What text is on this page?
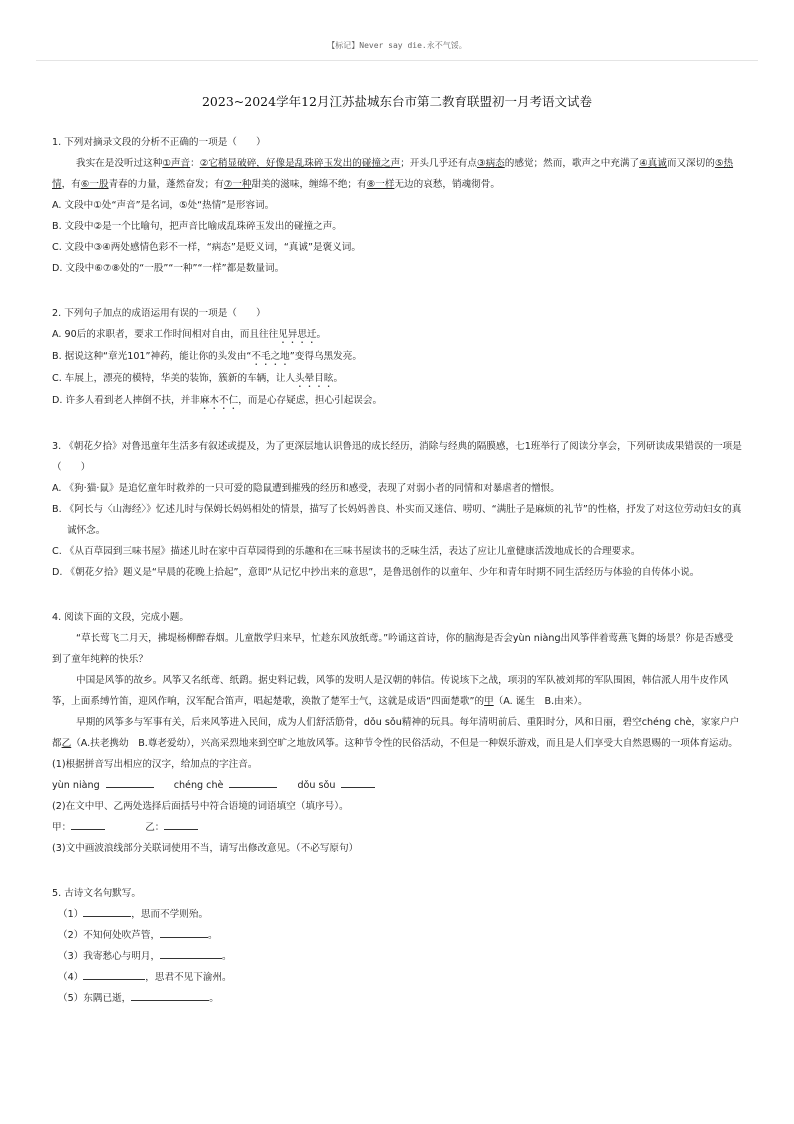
【标记】Never say die.永不气馁。
2023~2024学年12月江苏盐城东台市第二教育联盟初一月考语文试卷

1. 下列对摘录文段的分析不正确的一项是（　　）

我实在是没听过这种①声音：②它稍显破碎，好像是乱珠碎玉发出的碰撞之声；开头几乎还有点③病态的感觉；然而，歌声之中充满了④真诚而又深切的⑤热情，有⑥一股青春的力量，蓬然奋发；有⑦一种甜美的滋味，缠绵不绝；有⑧一样无边的哀愁，销魂彻骨。

A. 文段中①处“声音”是名词，⑤处“热情”是形容词。

B. 文段中②是一个比喻句，把声音比喻成乱珠碎玉发出的碰撞之声。

C. 文段中③④两处感情色彩不一样，“病态”是贬义词，“真诚”是褒义词。

D. 文段中⑥⑦⑧处的“一股”“一种”“一样”都是数量词。

2. 下列句子加点的成语运用有误的一项是（　　）

A. 90后的求职者，要求工作时间相对自由，而且往往见异思迁。

B. 据说这种“章光101”神药，能让你的头发由“不毛之地”变得乌黑发亮。

C. 车展上，漂亮的模特，华美的装饰，簇新的车辆，让人头晕目眩。

D. 许多人看到老人摔倒不扶，并非麻木不仁，而是心存疑虑，担心引起误会。

3. 《朝花夕拾》对鲁迅童年生活多有叙述或提及，为了更深层地认识鲁迅的成长经历，消除与经典的隔膜感，七1班举行了阅读分享会，下列研读成果错误的一项是（　　）

A. 《狗·猫·鼠》是追忆童年时救养的一只可爱的隐鼠遭到摧残的经历和感受，表现了对弱小者的同情和对暴虐者的憎恨。

B. 《阿长与〈山海经〉》忆述儿时与保姆长妈妈相处的情景，描写了长妈妈善良、朴实而又迷信、唠叨、“满肚子是麻烦的礼节”的性格，抒发了对这位劳动妇女的真诚怀念。

C. 《从百草园到三味书屋》描述儿时在家中百草园得到的乐趣和在三味书屋读书的乏味生活，表达了应让儿童健康活泼地成长的合理要求。

D. 《朝花夕拾》题义是“早晨的花晚上拾起”，意即“从记忆中抄出来的意思”，是鲁迅创作的以童年、少年和青年时期不同生活经历与体验的自传体小说。

4. 阅读下面的文段，完成小题。

“草长莺飞二月天，拂堤杨柳醉春烟。儿童散学归来早，忙趁东风放纸鸢。”吟诵这首诗，你的脑海是否会yùn niàng出风筝伴着莺燕飞舞的场景？你是否感受到了童年纯粹的快乐？

中国是风筝的故乡。风筝又名纸鸢、纸鹞。据史料记载，风筝的发明人是汉朝的韩信。传说垓下之战，项羽的军队被刘邦的军队围困，韩信派人用牛皮作风筝，上面系缚竹笛，迎风作响，汉军配合笛声，唱起楚歌，涣散了楚军士气，这就是成语“四面楚歌”的甲（A. 诞生　B.由来）。

早期的风筝多与军事有关，后来风筝进入民间，成为人们舒活筋骨，dǒu sǒu精神的玩具。每年清明前后、重阳时分，风和日丽，碧空chéng chè，家家户户都乙（A.扶老携幼　B.尊老爱幼），兴高采烈地来到空旷之地放风筝。这种节令性的民俗活动，不但是一种娱乐游戏，而且是人们享受大自然恩赐的一项体育运动。

(1)根据拼音写出相应的汉字，给加点的字注音。

yùn niàng	chéng chè	dǒu sǒu

(2)在文中甲、乙两处选择后面括号中符合语境的词语填空（填序号）。

甲：	乙：

(3)文中画波浪线部分关联词使用不当，请写出修改意见。（不必写原句）

5. 古诗文名句默写。

（1）	，思而不学则殆。

（2）不知何处吹芦管，	。

（3）我寄愁心与明月，	。

（4）	，思君不见下渝州。

（5）东隅已逝，	。
